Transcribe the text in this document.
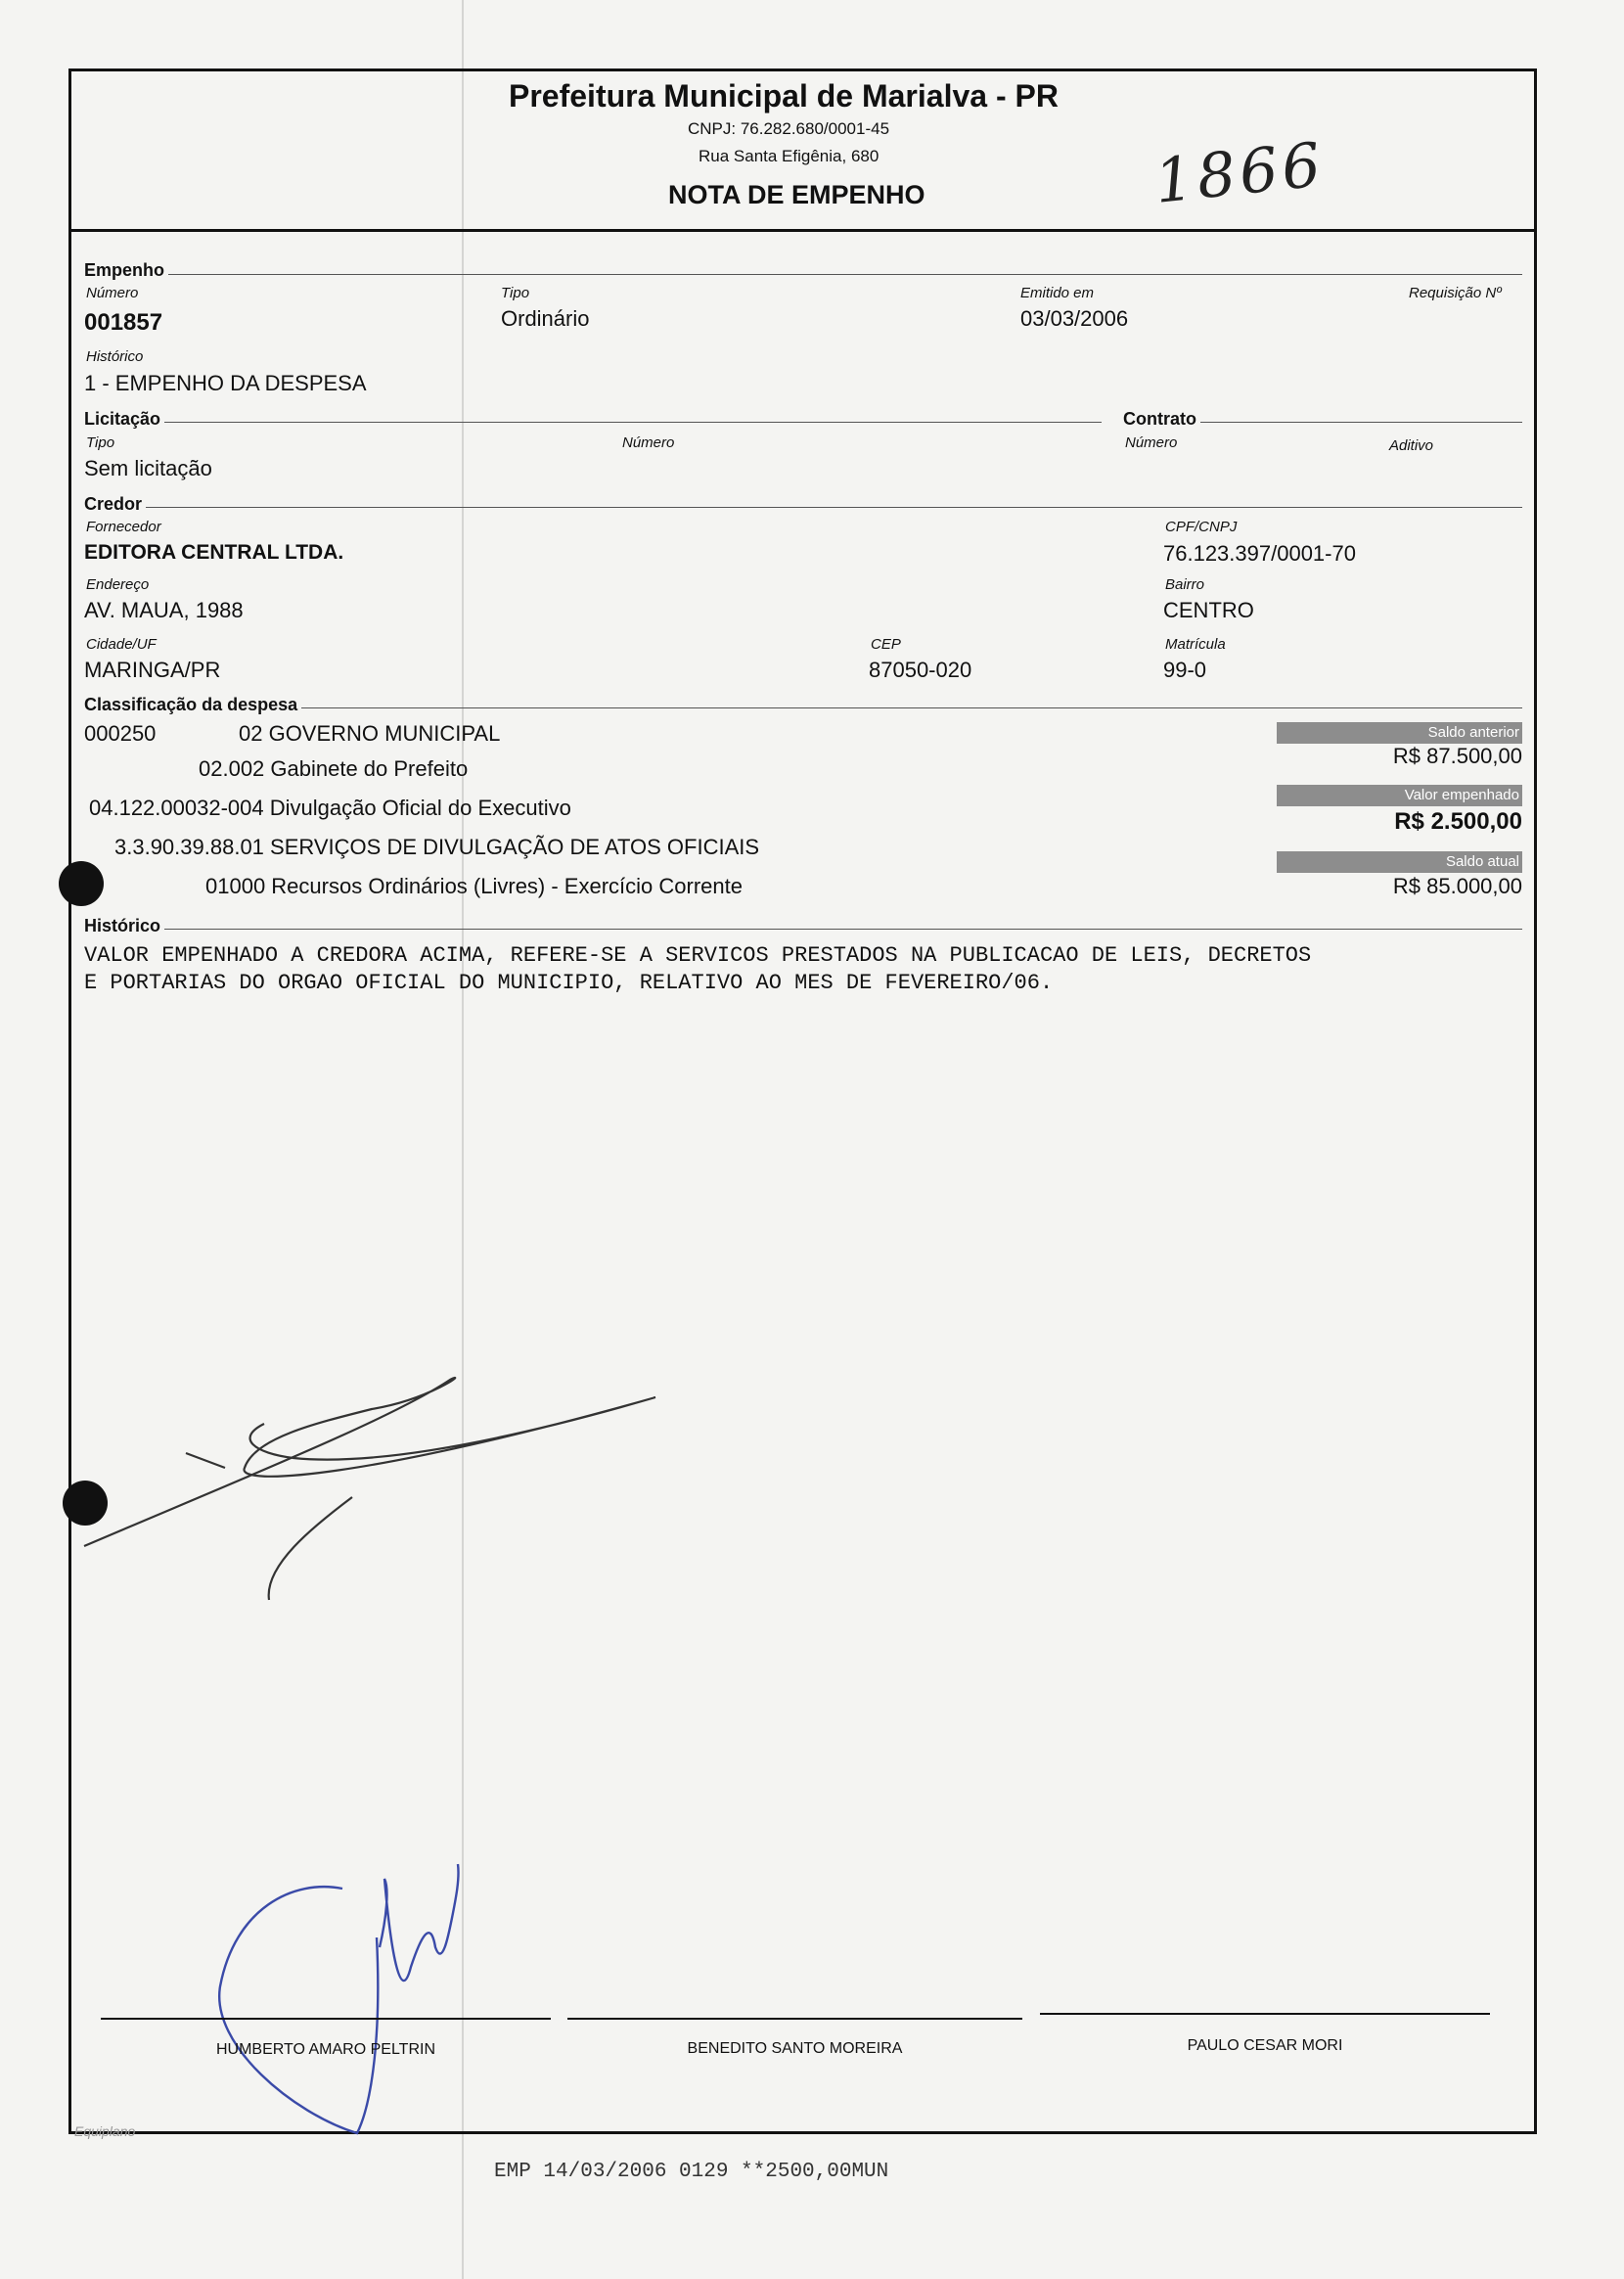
Prefeitura Municipal de Marialva - PR
CNPJ: 76.282.680/0001-45
Rua Santa Efigênia, 680
NOTA DE EMPENHO	1866
Empenho
Número
001857
Tipo
Ordinário
Emitido em
03/03/2006
Requisição Nº
Histórico
1 - EMPENHO DA DESPESA
Licitação
Tipo
Sem licitação
Número
Contrato
Número	Aditivo
Credor
Fornecedor
EDITORA CENTRAL LTDA.
CPF/CNPJ
76.123.397/0001-70
Endereço
AV. MAUA, 1988
Bairro
CENTRO
Cidade/UF
MARINGA/PR
CEP
87050-020
Matrícula
99-0
Classificação da despesa
000250	02 GOVERNO MUNICIPAL
02.002 Gabinete do Prefeito
04.122.00032-004 Divulgação Oficial do Executivo
3.3.90.39.88.01 SERVIÇOS DE DIVULGAÇÃO DE ATOS OFICIAIS
01000 Recursos Ordinários (Livres) - Exercício Corrente
Saldo anterior
R$ 87.500,00
Valor empenhado
R$ 2.500,00
Saldo atual
R$ 85.000,00
Histórico
VALOR EMPENHADO A CREDORA ACIMA, REFERE-SE A SERVICOS PRESTADOS NA PUBLICACAO DE LEIS, DECRETOS
E PORTARIAS DO ORGAO OFICIAL DO MUNICIPIO, RELATIVO AO MES DE FEVEREIRO/06.
HUMBERTO AMARO PELTRIN	BENEDITO SANTO MOREIRA	PAULO CESAR MORI
Equiplano
EMP 14/03/2006 0129 **2500,00MUN
